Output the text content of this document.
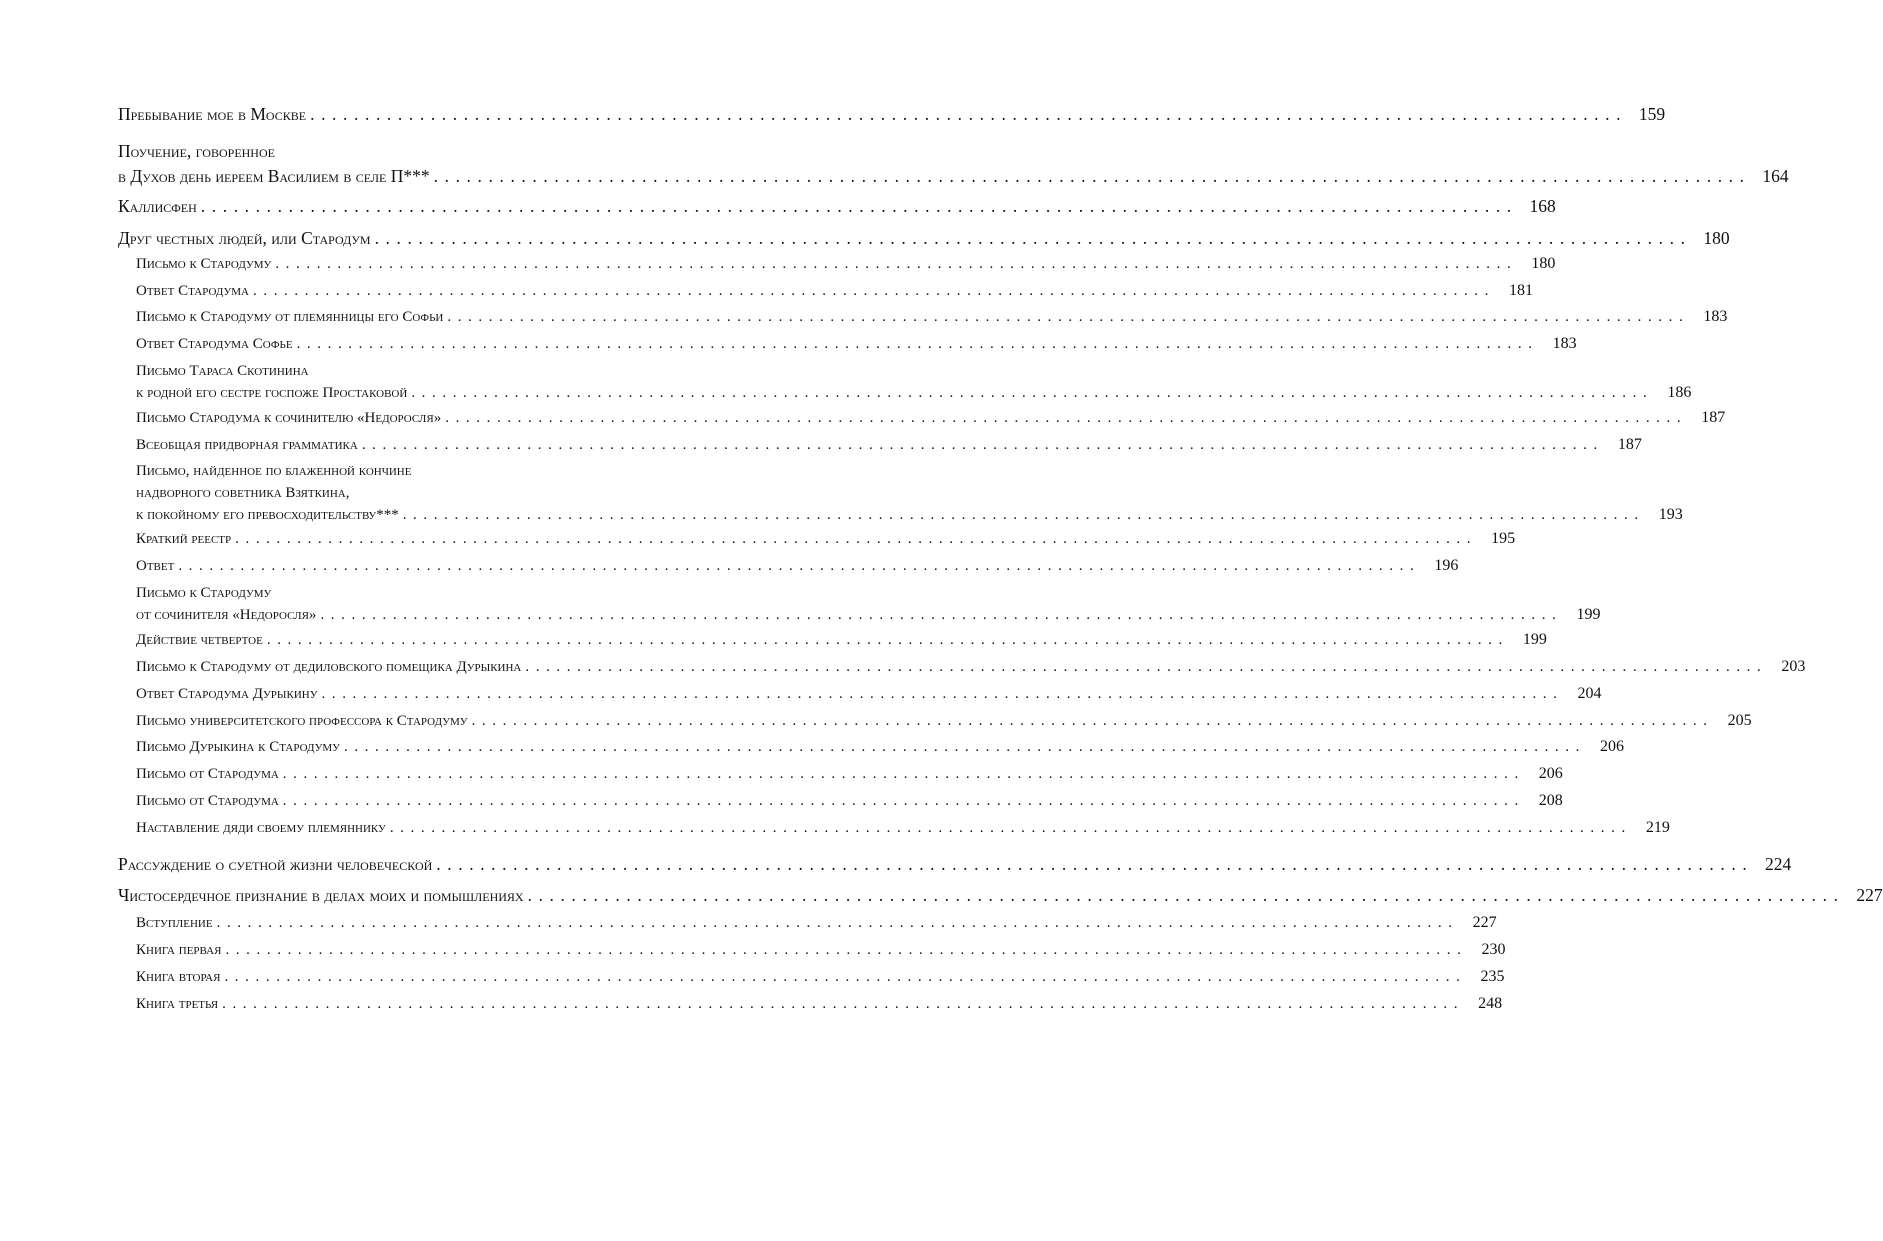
Пребывание мое в Москве ........................................................................................................................ 159
Поучение, говоренное
в Духов день иереем Василием в селе П*** ........................................................................................................................ 164
Каллисфен ........................................................................................................................ 168
Друг честных людей, или Стародум ........................................................................................................................ 180
Письмо к Стародуму ........................................................................................................................ 180
Ответ Стародума ........................................................................................................................ 181
Письмо к Стародуму от племянницы его Софьи ........................................................................................................................ 183
Ответ Стародума Софье ........................................................................................................................ 183
Письмо Тараса Скотинина
к родной его сестре госпоже Простаковой ........................................................................................................................ 186
Письмо Стародума к сочинителю «Недоросля» ........................................................................................................................ 187
Всеобщая придворная грамматика ........................................................................................................................ 187
Письмо, найденное по блаженной кончине
надворного советника Взяткина,
к покойному его превосходительству*** ........................................................................................................................ 193
Краткий реестр ........................................................................................................................ 195
Ответ ........................................................................................................................ 196
Письмо к Стародуму
от сочинителя «Недоросля» ........................................................................................................................ 199
Действие четвертое ........................................................................................................................ 199
Письмо к Стародуму от дедиловского помещика Дурыкина ........................................................................................................................ 203
Ответ Стародума Дурыкину ........................................................................................................................ 204
Письмо университетского профессора к Стародуму ........................................................................................................................ 205
Письмо Дурыкина к Стародуму ........................................................................................................................ 206
Письмо от Стародума ........................................................................................................................ 206
Письмо от Стародума ........................................................................................................................ 208
Наставление дяди своему племяннику ........................................................................................................................ 219
Рассуждение о суетной жизни человеческой ........................................................................................................................ 224
Чистосердечное признание в делах моих и помышлениях ........................................................................................................................ 227
Вступление ........................................................................................................................ 227
Книга первая ........................................................................................................................ 230
Книга вторая ........................................................................................................................ 235
Книга третья ........................................................................................................................ 248
